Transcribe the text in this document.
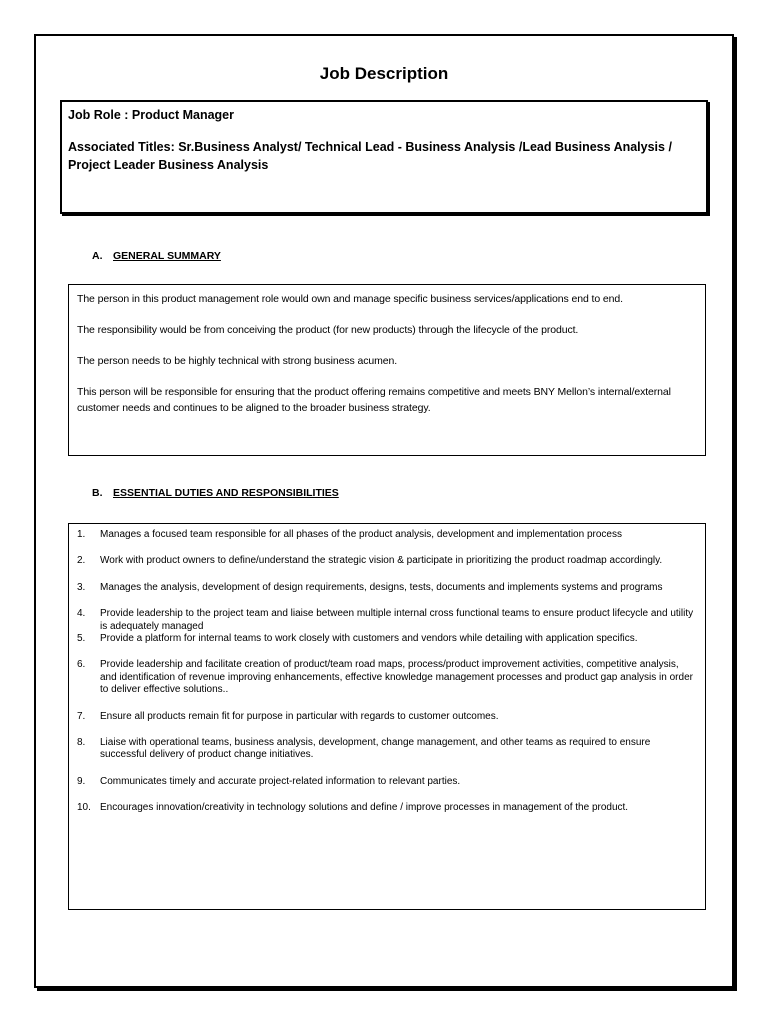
Job Description

Job Role : Product Manager

Associated Titles: Sr.Business Analyst/ Technical Lead - Business Analysis /Lead Business Analysis / Project Leader Business Analysis

A. GENERAL SUMMARY

The person in this product management role would own and manage specific business services/applications end to end.

The responsibility would be from conceiving the product (for new products) through the lifecycle of the product.

The person needs to be highly technical with strong business acumen.

This person will be responsible for ensuring that the product offering remains competitive and meets BNY Mellon’s internal/external customer needs and continues to be aligned to the broader business strategy.

B. ESSENTIAL DUTIES AND RESPONSIBILITIES
1.	Manages a focused team responsible for all phases of the product analysis, development and implementation process
2.	Work with product owners to define/understand the strategic vision & participate in prioritizing the product roadmap accordingly.
3.	Manages the analysis, development of design requirements, designs, tests, documents and implements systems and programs
4.	Provide leadership to the project team and liaise between multiple internal cross functional teams to ensure product lifecycle and utility is adequately managed
5.	Provide a platform for internal teams to work closely with customers and vendors while detailing with application specifics.
6.	Provide leadership and facilitate creation of product/team road maps, process/product improvement activities, competitive analysis, and identification of revenue improving enhancements, effective knowledge management processes and product gap analysis in order to deliver effective solutions..
7.	Ensure all products remain fit for purpose in particular with regards to customer outcomes.
8.	Liaise with operational teams, business analysis, development, change management, and other teams as required to ensure successful delivery of product change initiatives.
9.	Communicates timely and accurate project-related information to relevant parties.
10. Encourages innovation/creativity in technology solutions and define / improve processes in management of the product.
